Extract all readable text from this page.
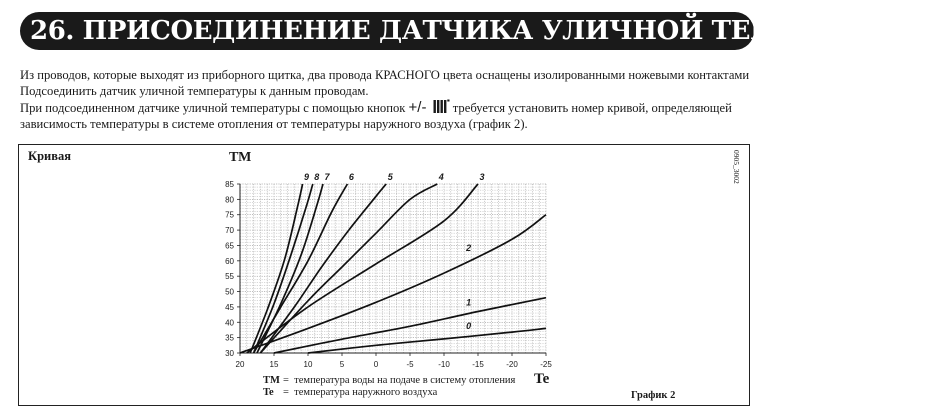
26. ПРИСОЕДИНЕНИЕ ДАТЧИКА УЛИЧНОЙ ТЕМПЕРАТУРЫ
Из проводов, которые выходят из приборного щитка, два провода КРАСНОГО цвета оснащены изолированными ножевыми контактами Подсоединить датчик уличной температуры к данным проводам.
При подсоединенном датчике уличной температуры с помощью кнопок +/-  требуется установить номер кривой, определяющей зависимость температуры в системе отопления от температуры наружного воздуха (график 2).
Кривая	ТМ
Te
0905_3002
20	15	10	5	0	-5	-10	-15	-20	-25
30
35
40
45
50
55
60
65
70
75
80
85
0
1
2
3
4
5
6
7
8
9
TM = температура воды на подаче в систему отопления
Te = температура наружного воздуха	График 2
